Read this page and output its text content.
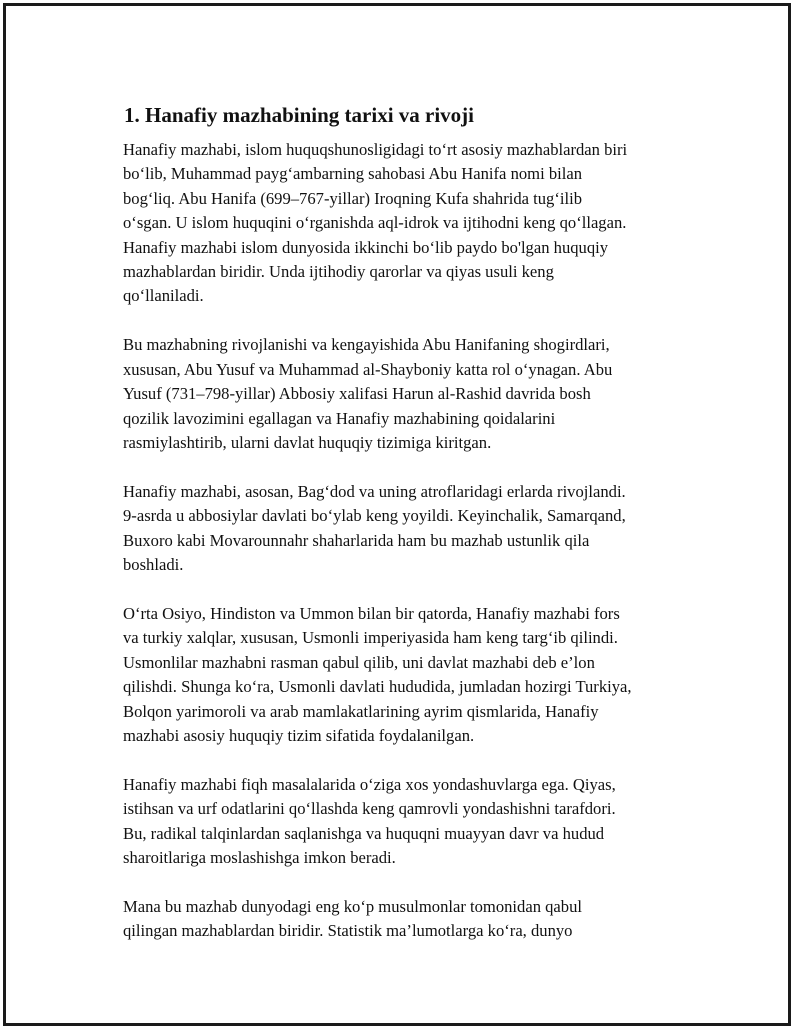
1. Hanafiy mazhabining tarixi va rivoji

Hanafiy mazhabi, islom huquqshunosligidagi to‘rt asosiy mazhablardan biri
bo‘lib, Muhammad payg‘ambarning sahobasi Abu Hanifa nomi bilan
bog‘liq. Abu Hanifa (699–767-yillar) Iroqning Kufa shahrida tug‘ilib
o‘sgan. U islom huquqini o‘rganishda aql-idrok va ijtihodni keng qo‘llagan.
Hanafiy mazhabi islom dunyosida ikkinchi bo‘lib paydo bo'lgan huquqiy
mazhablardan biridir. Unda ijtihodiy qarorlar va qiyas usuli keng
qo‘llaniladi.

Bu mazhabning rivojlanishi va kengayishida Abu Hanifaning shogirdlari,
xususan, Abu Yusuf va Muhammad al-Shayboniy katta rol o‘ynagan. Abu
Yusuf (731–798-yillar) Abbosiy xalifasi Harun al-Rashid davrida bosh
qozilik lavozimini egallagan va Hanafiy mazhabining qoidalarini
rasmiylashtirib, ularni davlat huquqiy tizimiga kiritgan.

Hanafiy mazhabi, asosan, Bag‘dod va uning atroflaridagi erlarda rivojlandi.
9-asrda u abbosiylar davlati bo‘ylab keng yoyildi. Keyinchalik, Samarqand,
Buxoro kabi Movarounnahr shaharlarida ham bu mazhab ustunlik qila
boshladi.

O‘rta Osiyo, Hindiston va Ummon bilan bir qatorda, Hanafiy mazhabi fors
va turkiy xalqlar, xususan, Usmonli imperiyasida ham keng targ‘ib qilindi.
Usmonlilar mazhabni rasman qabul qilib, uni davlat mazhabi deb e’lon
qilishdi. Shunga ko‘ra, Usmonli davlati hududida, jumladan hozirgi Turkiya,
Bolqon yarimoroli va arab mamlakatlarining ayrim qismlarida, Hanafiy
mazhabi asosiy huquqiy tizim sifatida foydalanilgan.

Hanafiy mazhabi fiqh masalalarida o‘ziga xos yondashuvlarga ega. Qiyas,
istihsan va urf odatlarini qo‘llashda keng qamrovli yondashishni tarafdori.
Bu, radikal talqinlardan saqlanishga va huquqni muayyan davr va hudud
sharoitlariga moslashishga imkon beradi.

Mana bu mazhab dunyodagi eng ko‘p musulmonlar tomonidan qabul
qilingan mazhablardan biridir. Statistik ma’lumotlarga ko‘ra, dunyo
